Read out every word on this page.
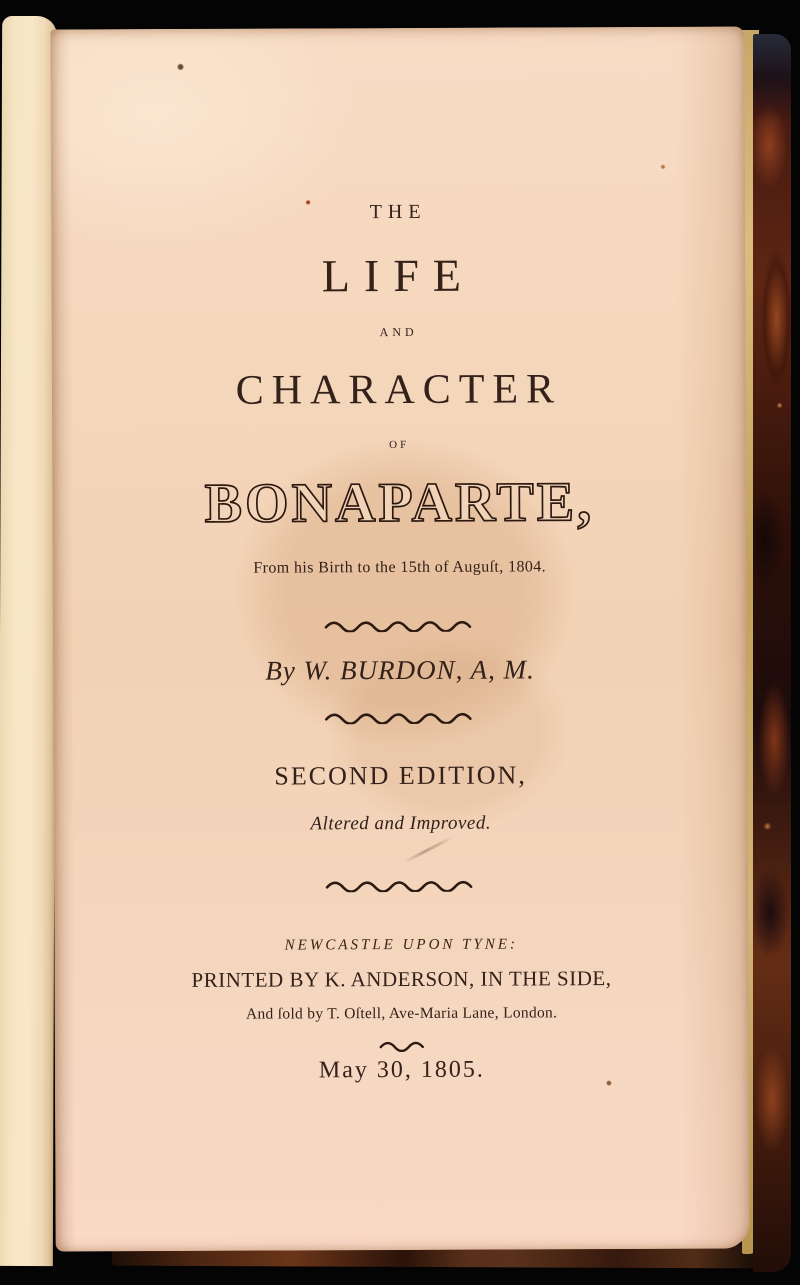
THE
LIFE
AND
CHARACTER
OF
BONAPARTE,
From his Birth to the 15th of Auguſt, 1804.
By W. BURDON, A, M.
SECOND EDITION,
Altered and Improved.
NEWCASTLE UPON TYNE:
PRINTED BY K. ANDERSON, IN THE SIDE,
And ſold by T. Oſtell, Ave-Maria Lane, London.
May 30, 1805.
